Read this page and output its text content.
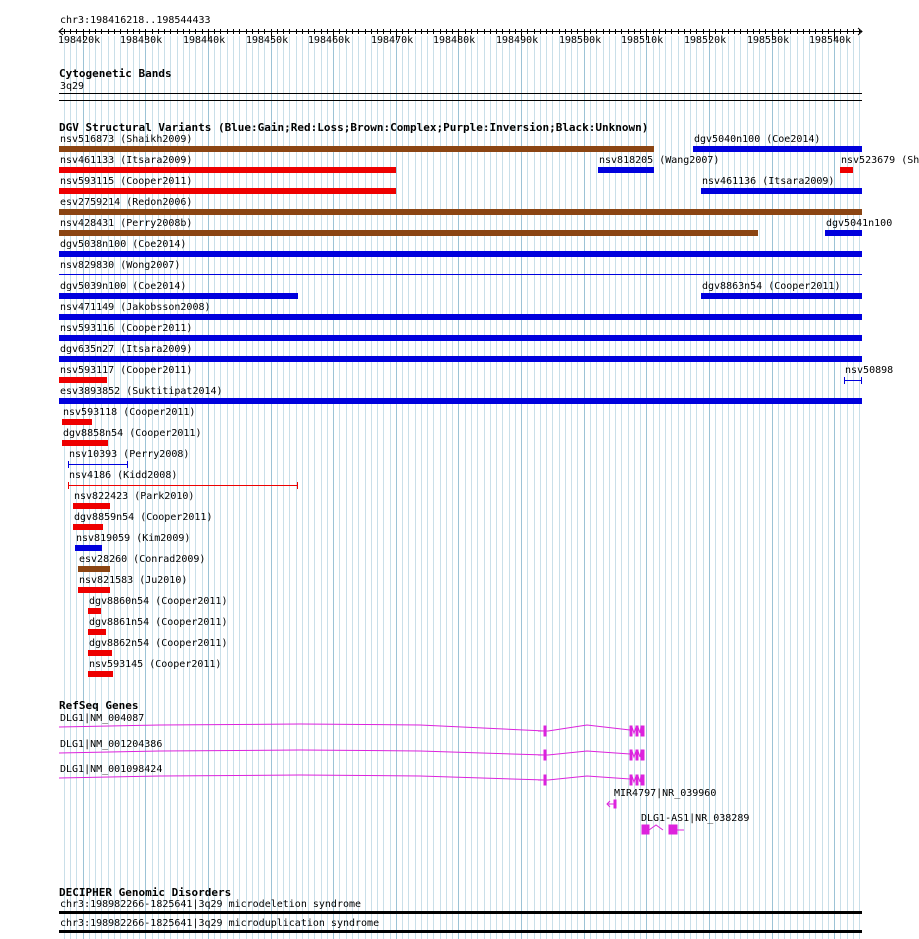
chr3:198416218..198544433
198420k 198430k 198440k 198450k 198460k 198470k 198480k 198490k 198500k 198510k 198520k 198530k 198540k
Cytogenetic Bands
3q29
DGV Structural Variants (Blue:Gain;Red:Loss;Brown:Complex;Purple:Inversion;Black:Unknown)
nsv516873 (Shaikh2009)	dgv5040n100 (Coe2014)
nsv461133 (Itsara2009)	nsv818205 (Wang2007)	nsv523679 (Sh
nsv593115 (Cooper2011)	nsv461136 (Itsara2009)
esv2759214 (Redon2006)
nsv428431 (Perry2008b)	dgv5041n100
dgv5038n100 (Coe2014)
nsv829830 (Wong2007)
dgv5039n100 (Coe2014)	dgv8863n54 (Cooper2011)
nsv471149 (Jakobsson2008)
nsv593116 (Cooper2011)
dgv635n27 (Itsara2009)
nsv593117 (Cooper2011)	nsv50898
esv3893852 (Suktitipat2014)
nsv593118 (Cooper2011)
dgv8858n54 (Cooper2011)
nsv10393 (Perry2008)
nsv4186 (Kidd2008)
nsv822423 (Park2010)
dgv8859n54 (Cooper2011)
nsv819059 (Kim2009)
esv28260 (Conrad2009)
nsv821583 (Ju2010)
dgv8860n54 (Cooper2011)
dgv8861n54 (Cooper2011)
dgv8862n54 (Cooper2011)
nsv593145 (Cooper2011)
RefSeq Genes
DLG1|NM_004087
DLG1|NM_001204386
DLG1|NM_001098424
MIR4797|NR_039960
DLG1-AS1|NR_038289
DECIPHER Genomic Disorders
chr3:198982266-1825641|3q29 microdeletion syndrome
chr3:198982266-1825641|3q29 microduplication syndrome
